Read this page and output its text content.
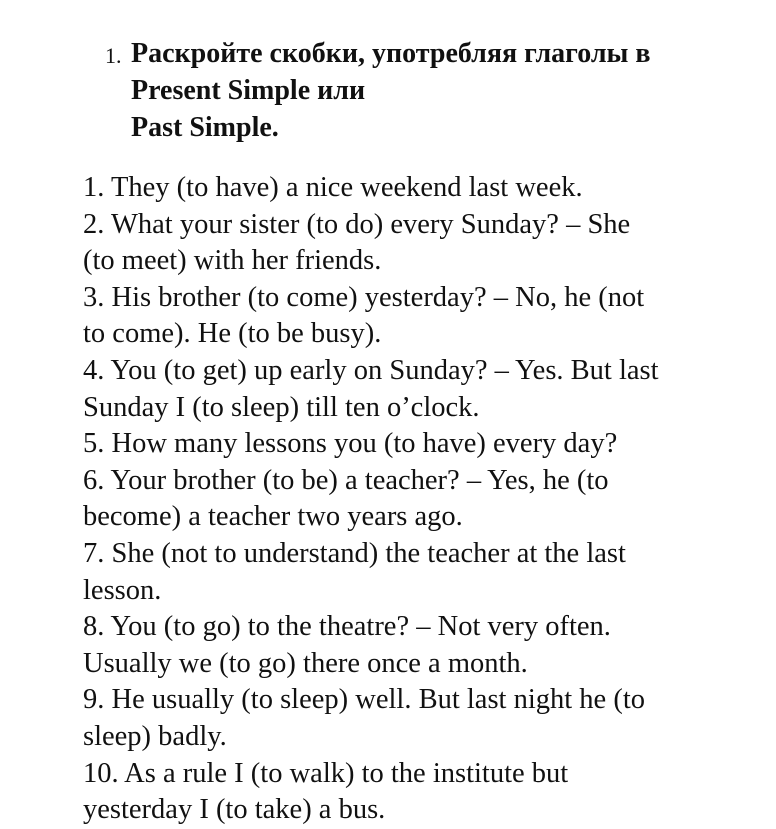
1. Раскройте скобки, употребляя глаголы в
Present Simple или
Past Simple.
1. They (to have) a nice weekend last week.
2. What your sister (to do) every Sunday? – She
(to meet) with her friends.
3. His brother (to come) yesterday? – No, he (not
to come). He (to be busy).
4. You (to get) up early on Sunday? – Yes. But last
Sunday I (to sleep) till ten o’clock.
5. How many lessons you (to have) every day?
6. Your brother (to be) a teacher? – Yes, he (to
become) a teacher two years ago.
7. She (not to understand) the teacher at the last
lesson.
8. You (to go) to the theatre? – Not very often.
Usually we (to go) there once a month.
9. He usually (to sleep) well. But last night he (to
sleep) badly.
10. As a rule I (to walk) to the institute but
yesterday I (to take) a bus.
